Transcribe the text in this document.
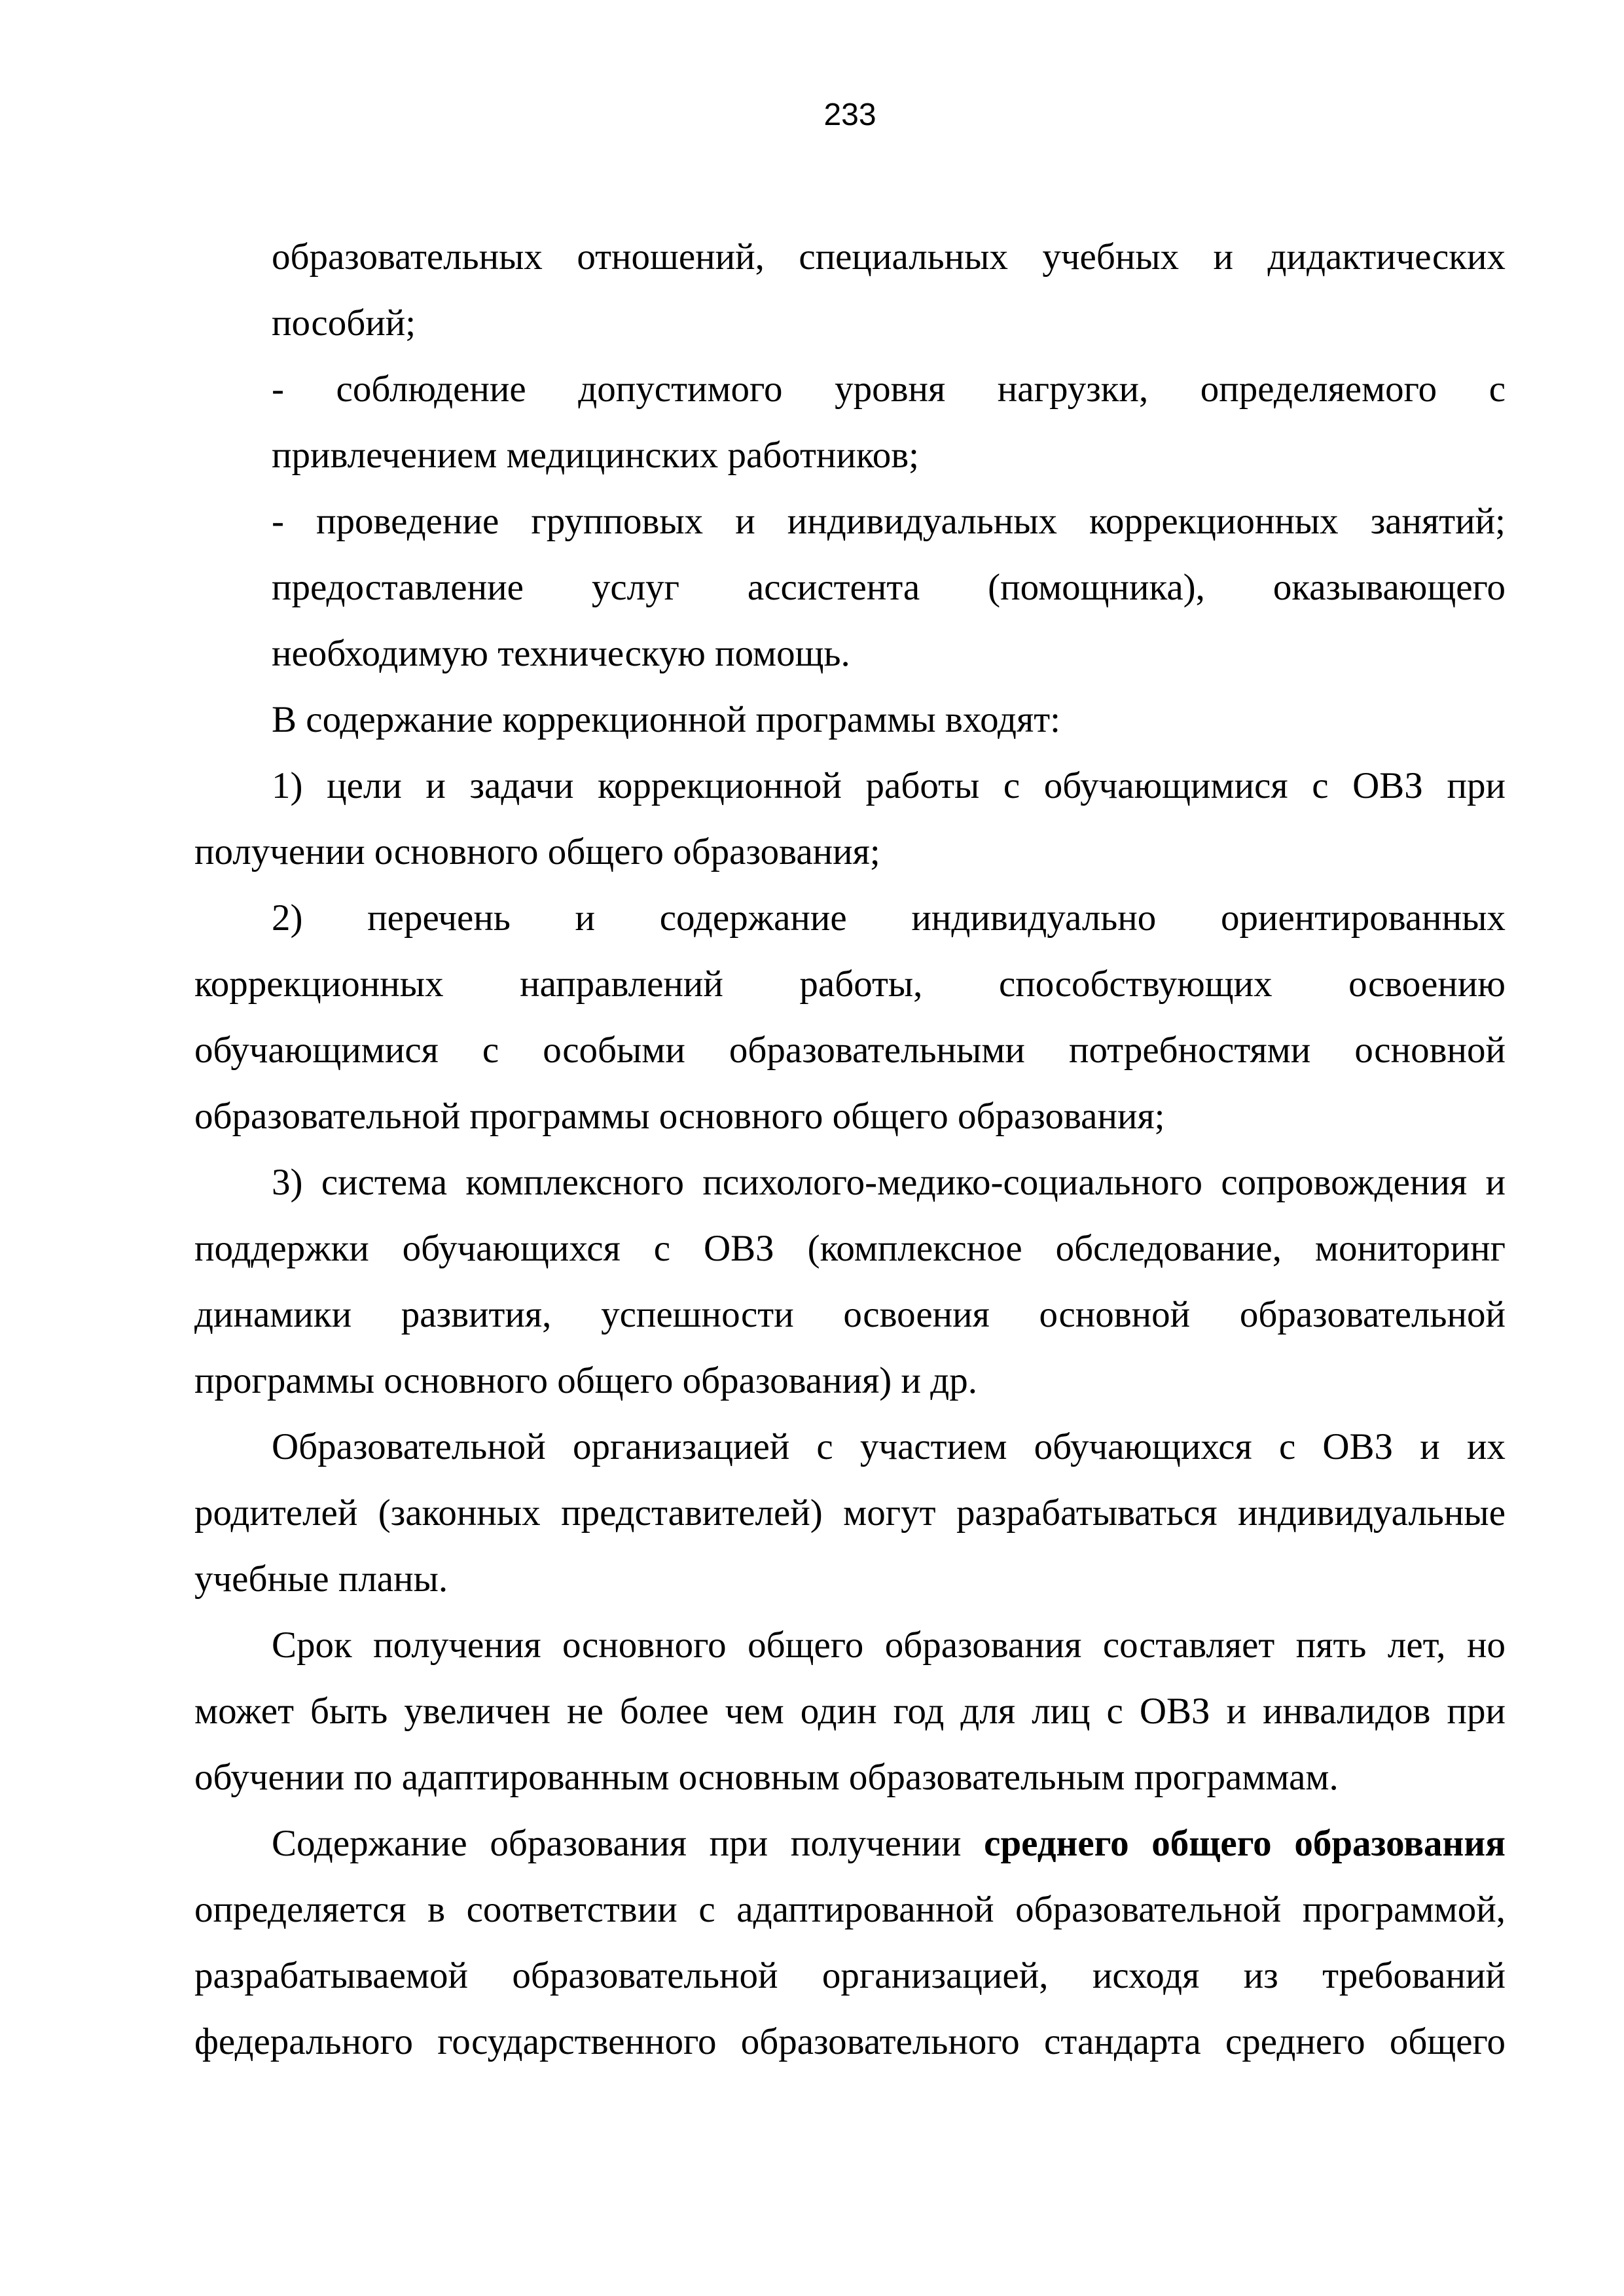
233
образовательных отношений, специальных учебных и дидактических
пособий;
- соблюдение допустимого уровня нагрузки, определяемого с
привлечением медицинских работников;
- проведение групповых и индивидуальных коррекционных занятий;
предоставление услуг ассистента (помощника), оказывающего
необходимую техническую помощь.
В содержание коррекционной программы входят:
1) цели и задачи коррекционной работы с обучающимися с ОВЗ при
получении основного общего образования;
2) перечень и содержание индивидуально ориентированных
коррекционных направлений работы, способствующих освоению
обучающимися с особыми образовательными потребностями основной
образовательной программы основного общего образования;
3) система комплексного психолого-медико-социального сопровождения и
поддержки обучающихся с ОВЗ (комплексное обследование, мониторинг
динамики развития, успешности освоения основной образовательной
программы основного общего образования) и др.
Образовательной организацией с участием обучающихся с ОВЗ и их
родителей (законных представителей) могут разрабатываться индивидуальные
учебные планы.
Срок получения основного общего образования составляет пять лет, но
может быть увеличен не более чем один год для лиц с ОВЗ и инвалидов при
обучении по адаптированным основным образовательным программам.
Содержание образования при получении среднего общего образования
определяется в соответствии с адаптированной образовательной программой,
разрабатываемой образовательной организацией, исходя из требований
федерального государственного образовательного стандарта среднего общего
